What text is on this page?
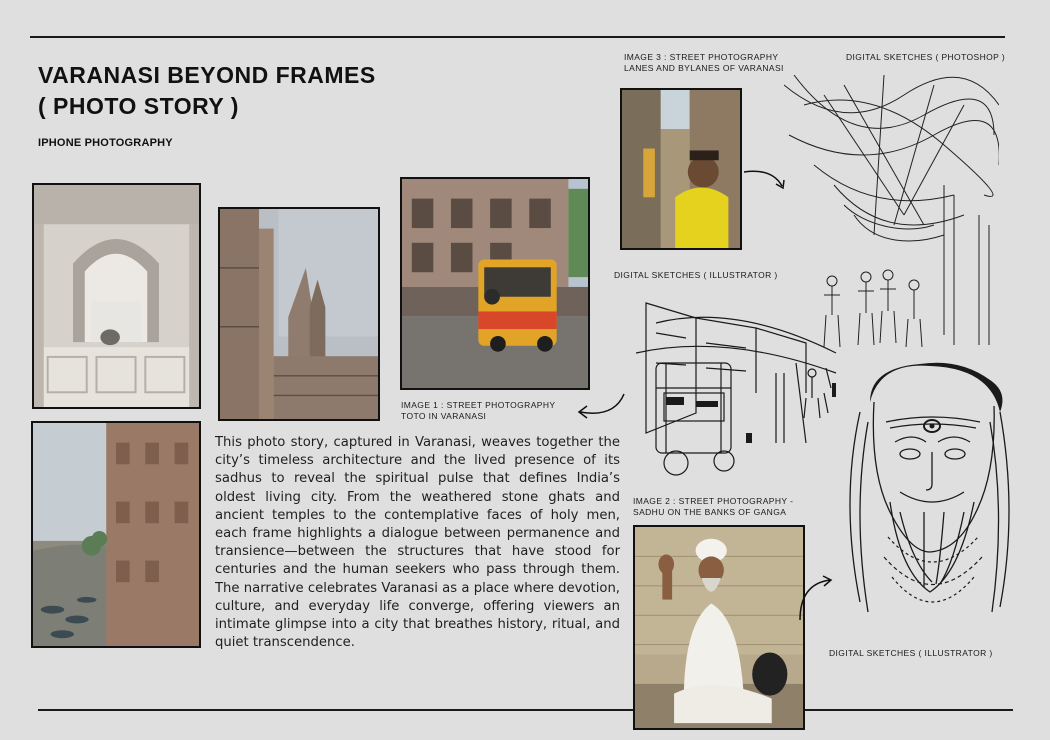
VARANASI BEYOND FRAMES
( PHOTO STORY )
IPHONE PHOTOGRAPHY
IMAGE 1 : STREET PHOTOGRAPHY
TOTO IN VARANASI

This photo story, captured in Varanasi, weaves together the city’s timeless architecture and the lived presence of its sadhus to reveal the spiritual pulse that defines India’s oldest living city. From the weathered stone ghats and ancient temples to the contemplative faces of holy men, each frame highlights a dialogue between permanence and transience—between the structures that have stood for centuries and the human seekers who pass through them. The narrative celebrates Varanasi as a place where devotion, culture, and everyday life converge, offering viewers an intimate glimpse into a city that breathes history, ritual, and quiet transcendence.

IMAGE 3 : STREET PHOTOGRAPHY
LANES AND BYLANES OF VARANASI
DIGITAL SKETCHES ( PHOTOSHOP )
DIGITAL SKETCHES ( ILLUSTRATOR )
IMAGE 2 : STREET PHOTOGRAPHY -
SADHU ON THE BANKS OF GANGA
DIGITAL SKETCHES ( ILLUSTRATOR )
